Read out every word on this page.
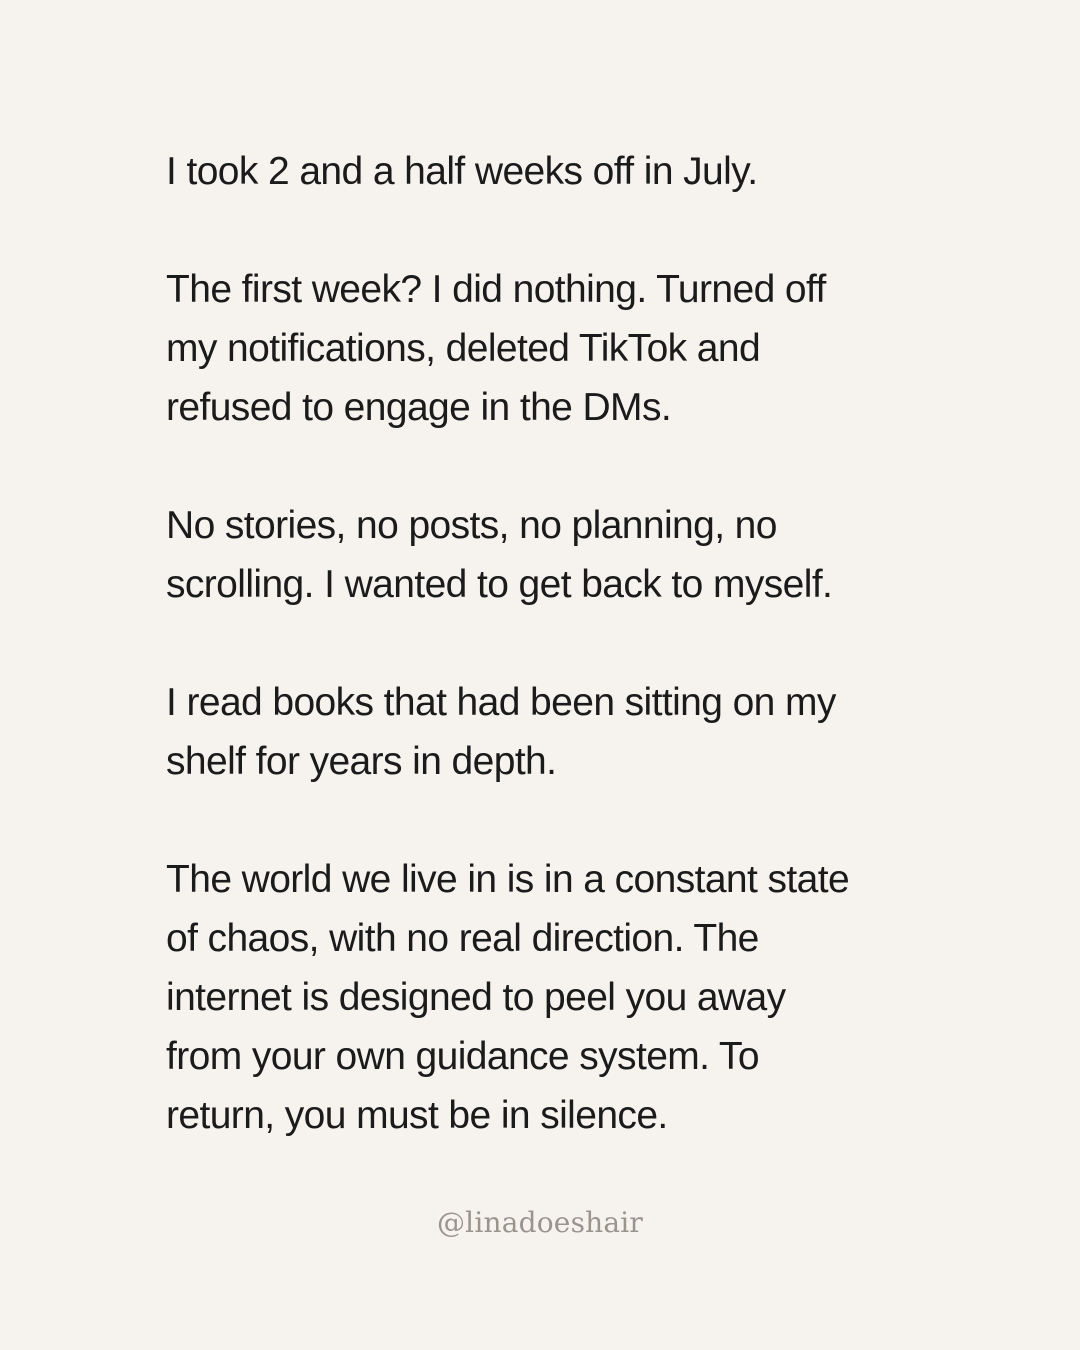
I took 2 and a half weeks off in July.

The first week? I did nothing. Turned off
my notifications, deleted TikTok and
refused to engage in the DMs.

No stories, no posts, no planning, no
scrolling. I wanted to get back to myself.

I read books that had been sitting on my
shelf for years in depth.

The world we live in is in a constant state
of chaos, with no real direction. The
internet is designed to peel you away
from your own guidance system. To
return, you must be in silence.

@linadoeshair
